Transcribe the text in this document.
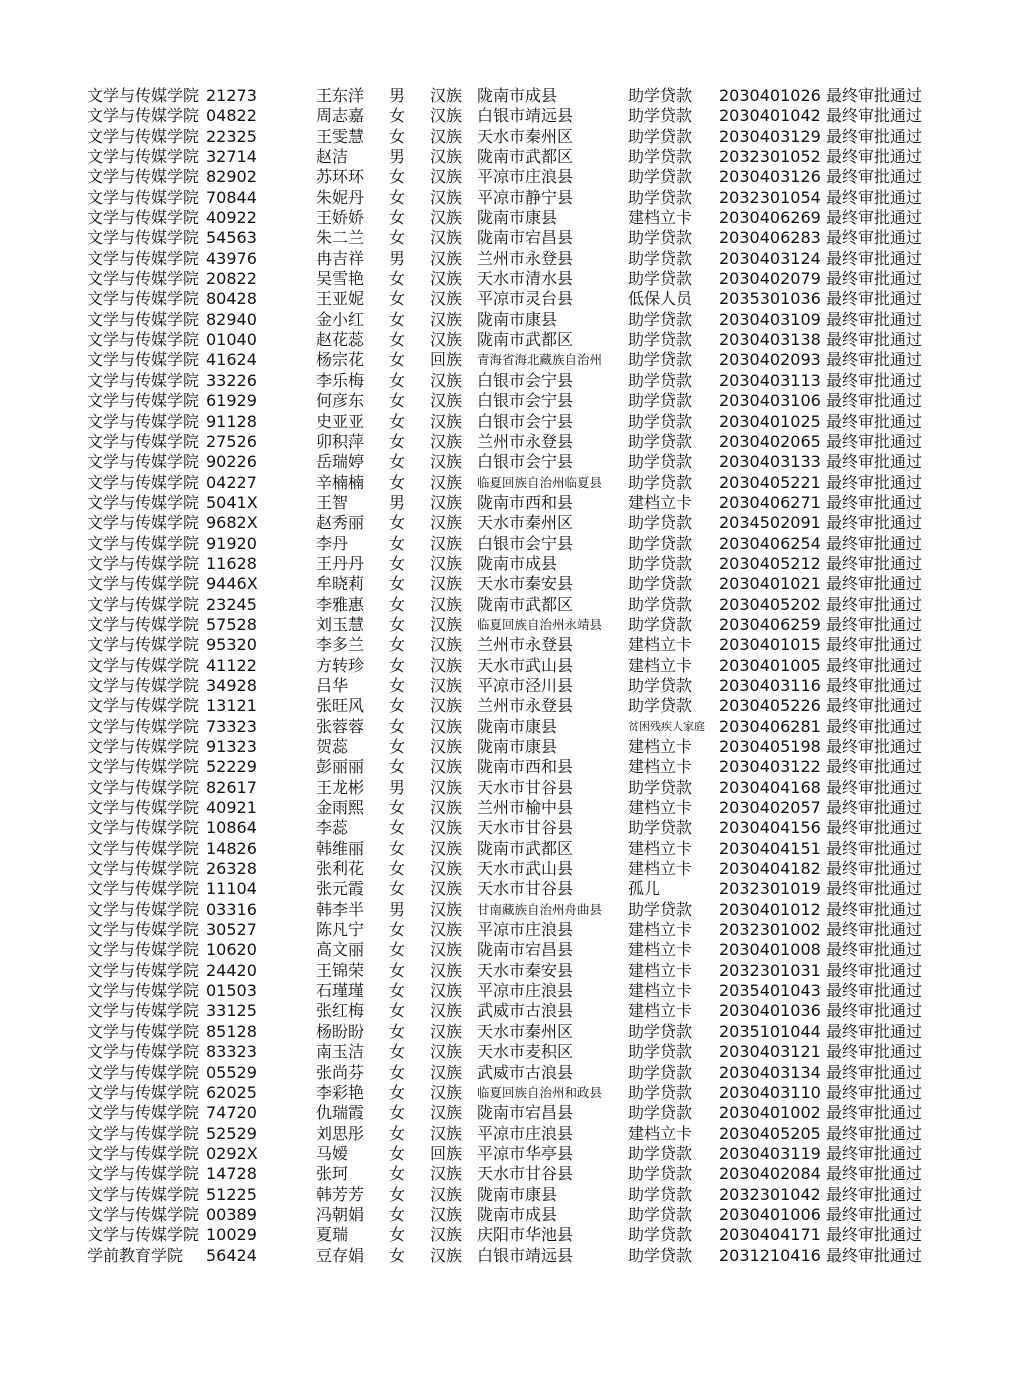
文学与传媒学院 21273	王东洋 男 汉族 陇南市成县	助学贷款 2030401026 最终审批通过
文学与传媒学院 04822	周志嘉 女 汉族 白银市靖远县	助学贷款 2030401042 最终审批通过
文学与传媒学院 22325	王雯慧 女 汉族 天水市秦州区	助学贷款 2030403129 最终审批通过
文学与传媒学院 32714	赵洁	男 汉族 陇南市武都区	助学贷款 2032301052 最终审批通过
文学与传媒学院 82902	苏环环 女 汉族 平凉市庄浪县	助学贷款 2030403126 最终审批通过
文学与传媒学院 70844	朱妮丹 女 汉族 平凉市静宁县	助学贷款 2032301054 最终审批通过
文学与传媒学院 40922	王娇娇 女 汉族 陇南市康县	建档立卡 2030406269 最终审批通过
文学与传媒学院 54563	朱二兰 女 汉族 陇南市宕昌县	助学贷款 2030406283 最终审批通过
文学与传媒学院 43976	冉吉祥 男 汉族 兰州市永登县	助学贷款 2030403124 最终审批通过
文学与传媒学院 20822	吴雪艳 女 汉族 天水市清水县	助学贷款 2030402079 最终审批通过
文学与传媒学院 80428	王亚妮 女 汉族 平凉市灵台县	低保人员 2035301036 最终审批通过
文学与传媒学院 82940	金小红 女 汉族 陇南市康县	助学贷款 2030403109 最终审批通过
文学与传媒学院 01040	赵花蕊 女 汉族 陇南市武都区	助学贷款 2030403138 最终审批通过
文学与传媒学院 41624	杨宗花 女 回族 青海省海北藏族自治州 助学贷款 2030402093 最终审批通过
文学与传媒学院 33226	李乐梅 女 汉族 白银市会宁县	助学贷款 2030403113 最终审批通过
文学与传媒学院 61929	何彦东 女 汉族 白银市会宁县	助学贷款 2030403106 最终审批通过
文学与传媒学院 91128	史亚亚 女 汉族 白银市会宁县	助学贷款 2030401025 最终审批通过
文学与传媒学院 27526	卯积萍 女 汉族 兰州市永登县	助学贷款 2030402065 最终审批通过
文学与传媒学院 90226	岳瑞婷 女 汉族 白银市会宁县	助学贷款 2030403133 最终审批通过
文学与传媒学院 04227	辛楠楠 女 汉族 临夏回族自治州临夏县 助学贷款 2030405221 最终审批通过
文学与传媒学院 5041X	王智	男 汉族 陇南市西和县	建档立卡 2030406271 最终审批通过
文学与传媒学院 9682X	赵秀丽 女 汉族 天水市秦州区	助学贷款 2034502091 最终审批通过
文学与传媒学院 91920	李丹	女 汉族 白银市会宁县	助学贷款 2030406254 最终审批通过
文学与传媒学院 11628	王丹丹 女 汉族 陇南市成县	助学贷款 2030405212 最终审批通过
文学与传媒学院 9446X	牟晓莉 女 汉族 天水市秦安县	助学贷款 2030401021 最终审批通过
文学与传媒学院 23245	李雅惠 女 汉族 陇南市武都区	助学贷款 2030405202 最终审批通过
文学与传媒学院 57528	刘玉慧 女 汉族 临夏回族自治州永靖县 助学贷款 2030406259 最终审批通过
文学与传媒学院 95320	李多兰 女 汉族 兰州市永登县	建档立卡 2030401015 最终审批通过
文学与传媒学院 41122	方转珍 女 汉族 天水市武山县	建档立卡 2030401005 最终审批通过
文学与传媒学院 34928	吕华	女 汉族 平凉市泾川县	助学贷款 2030403116 最终审批通过
文学与传媒学院 13121	张旺风 女 汉族 兰州市永登县	助学贷款 2030405226 最终审批通过
文学与传媒学院 73323	张蓉蓉 女 汉族 陇南市康县	贫困残疾人家庭 2030406281 最终审批通过
文学与传媒学院 91323	贺蕊	女 汉族 陇南市康县	建档立卡 2030405198 最终审批通过
文学与传媒学院 52229	彭丽丽 女 汉族 陇南市西和县	建档立卡 2030403122 最终审批通过
文学与传媒学院 82617	王龙彬 男 汉族 天水市甘谷县	助学贷款 2030404168 最终审批通过
文学与传媒学院 40921	金雨熙 女 汉族 兰州市榆中县	建档立卡 2030402057 最终审批通过
文学与传媒学院 10864	李蕊	女 汉族 天水市甘谷县	助学贷款 2030404156 最终审批通过
文学与传媒学院 14826	韩维丽 女 汉族 陇南市武都区	建档立卡 2030404151 最终审批通过
文学与传媒学院 26328	张利花 女 汉族 天水市武山县	建档立卡 2030404182 最终审批通过
文学与传媒学院 11104	张元霞 女 汉族 天水市甘谷县	孤儿	2032301019 最终审批通过
文学与传媒学院 03316	韩李半 男 汉族 甘南藏族自治州舟曲县 助学贷款 2030401012 最终审批通过
文学与传媒学院 30527	陈凡宁 女 汉族 平凉市庄浪县	建档立卡 2032301002 最终审批通过
文学与传媒学院 10620	高文丽 女 汉族 陇南市宕昌县	建档立卡 2030401008 最终审批通过
文学与传媒学院 24420	王锦荣 女 汉族 天水市秦安县	建档立卡 2032301031 最终审批通过
文学与传媒学院 01503	石瑾瑾 女 汉族 平凉市庄浪县	建档立卡 2035401043 最终审批通过
文学与传媒学院 33125	张红梅 女 汉族 武威市古浪县	建档立卡 2030401036 最终审批通过
文学与传媒学院 85128	杨盼盼 女 汉族 天水市秦州区	助学贷款 2035101044 最终审批通过
文学与传媒学院 83323	南玉洁 女 汉族 天水市麦积区	助学贷款 2030403121 最终审批通过
文学与传媒学院 05529	张尚芬 女 汉族 武威市古浪县	助学贷款 2030403134 最终审批通过
文学与传媒学院 62025	李彩艳 女 汉族 临夏回族自治州和政县 助学贷款 2030403110 最终审批通过
文学与传媒学院 74720	仇瑞霞 女 汉族 陇南市宕昌县	助学贷款 2030401002 最终审批通过
文学与传媒学院 52529	刘思彤 女 汉族 平凉市庄浪县	建档立卡 2030405205 最终审批通过
文学与传媒学院 0292X	马嫒	女 回族 平凉市华亭县	助学贷款 2030403119 最终审批通过
文学与传媒学院 14728	张珂	女 汉族 天水市甘谷县	助学贷款 2030402084 最终审批通过
文学与传媒学院 51225	韩芳芳 女 汉族 陇南市康县	助学贷款 2032301042 最终审批通过
文学与传媒学院 00389	冯朝娟 女 汉族 陇南市成县	助学贷款 2030401006 最终审批通过
文学与传媒学院 10029	夏瑞	女 汉族 庆阳市华池县	助学贷款 2030404171 最终审批通过
学前教育学院 56424	豆存娟 女 汉族 白银市靖远县	助学贷款 2031210416 最终审批通过
